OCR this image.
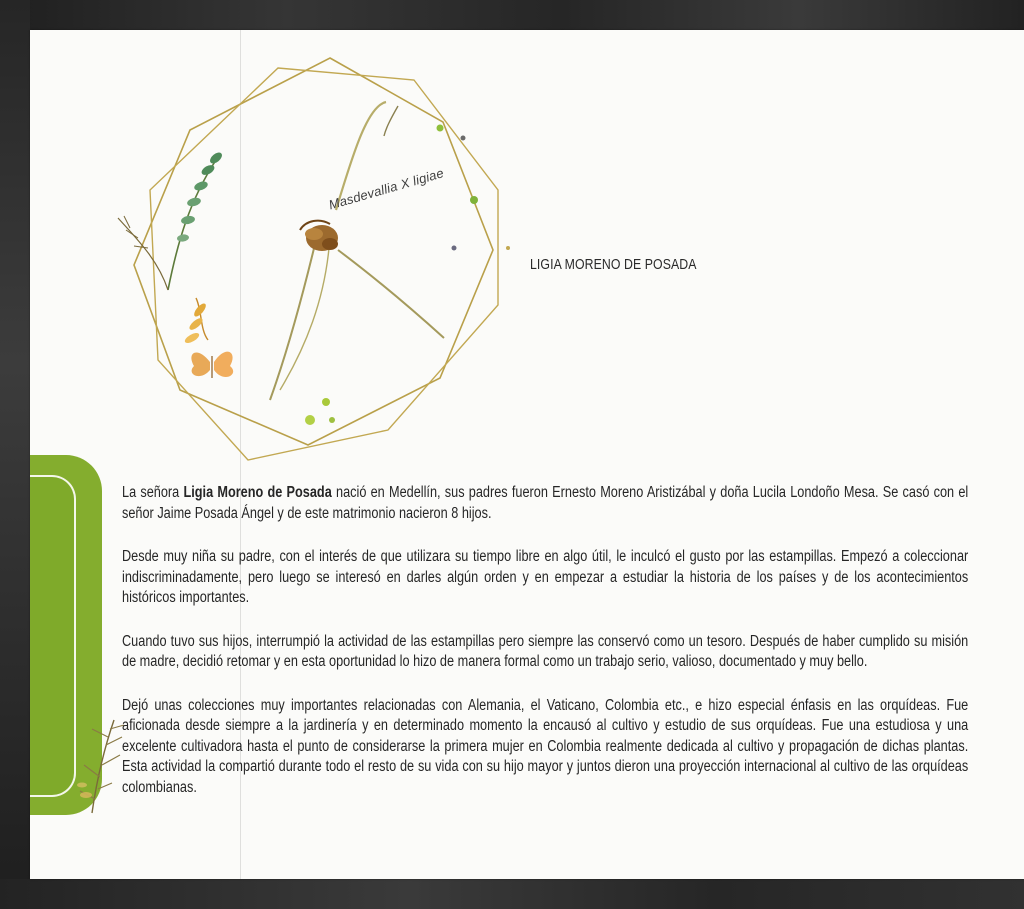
Masdevallia X ligiae
LIGIA MORENO DE POSADA

La señora Ligia Moreno de Posada nació en Medellín, sus padres fueron Ernesto Moreno Aristizábal y doña Lucila Londoño Mesa. Se casó con el señor Jaime Posada Ángel y de este matrimonio nacieron 8 hijos.

Desde muy niña su padre, con el interés de que utilizara su tiempo libre en algo útil, le inculcó el gusto por las estampillas. Empezó a coleccionar indiscriminadamente, pero luego se interesó en darles algún orden y en empezar a estudiar la historia de los países y de los acontecimientos históricos importantes.

Cuando tuvo sus hijos, interrumpió la actividad de las estampillas pero siempre las conservó como un tesoro. Después de haber cumplido su misión de madre, decidió retomar y en esta oportunidad lo hizo de manera formal como un trabajo serio, valioso, documentado y muy bello.

Dejó unas colecciones muy importantes relacionadas con Alemania, el Vaticano, Colombia etc., e hizo especial énfasis en las orquídeas. Fue aficionada desde siempre a la jardinería y en determinado momento la encausó al cultivo y estudio de sus orquídeas. Fue una estudiosa y una excelente cultivadora hasta el punto de considerarse la primera mujer en Colombia realmente dedicada al cultivo y propagación de dichas plantas. Esta actividad la compartió durante todo el resto de su vida con su hijo mayor y juntos dieron una proyección internacional al cultivo de las orquídeas colombianas.
